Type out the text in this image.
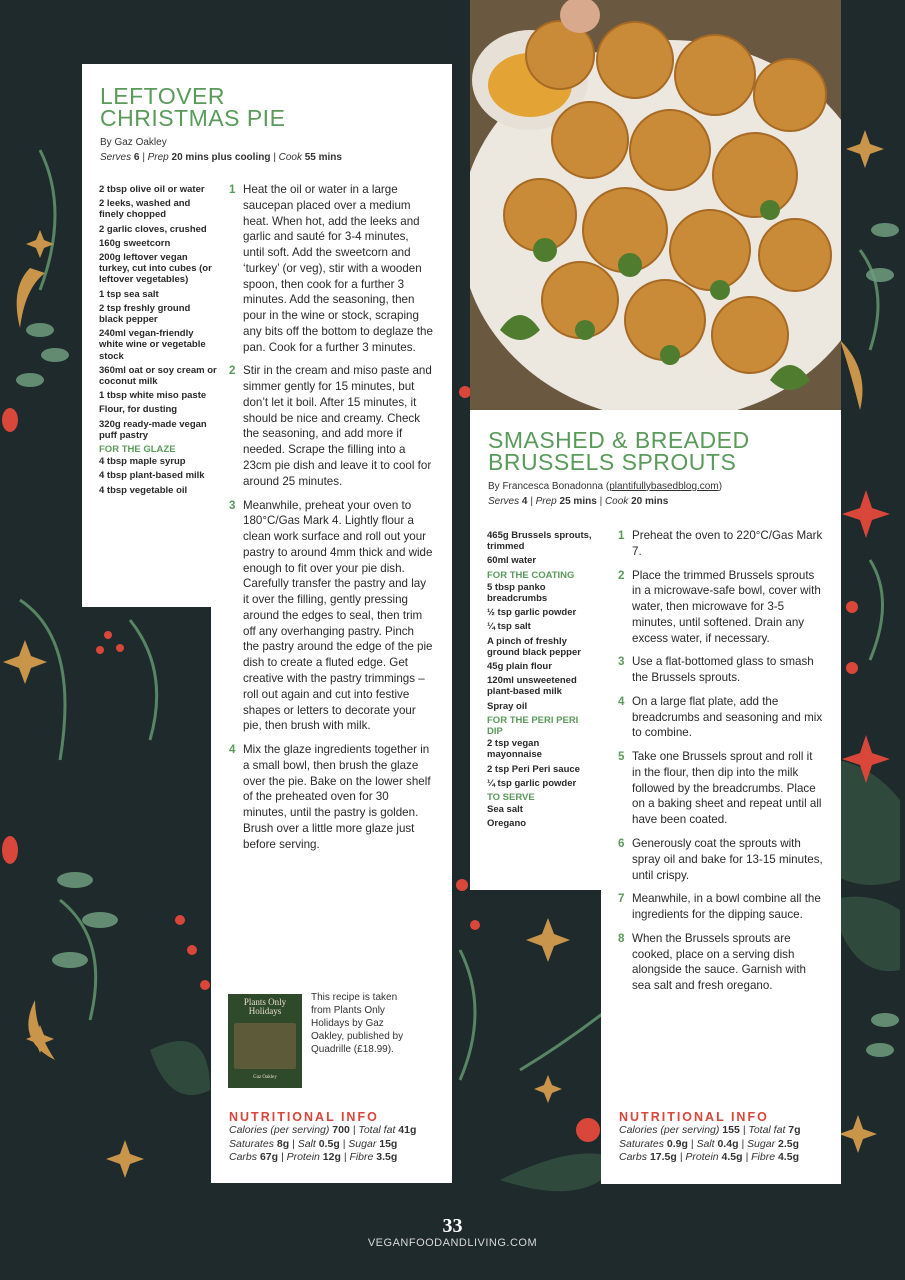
LEFTOVER
CHRISTMAS PIE
By Gaz Oakley
Serves 6 | Prep 20 mins plus cooling | Cook 55 mins
2 tbsp olive oil or water
2 leeks, washed and finely chopped
2 garlic cloves, crushed
160g sweetcorn
200g leftover vegan turkey, cut into cubes (or leftover vegetables)
1 tsp sea salt
2 tsp freshly ground black pepper
240ml vegan-friendly white wine or vegetable stock
360ml oat or soy cream or coconut milk
1 tbsp white miso paste
Flour, for dusting
320g ready-made vegan puff pastry
FOR THE GLAZE
4 tbsp maple syrup
4 tbsp plant-based milk
4 tbsp vegetable oil
1 Heat the oil or water in a large saucepan placed over a medium heat. When hot, add the leeks and garlic and sauté for 3-4 minutes, until soft. Add the sweetcorn and ‘turkey’ (or veg), stir with a wooden spoon, then cook for a further 3 minutes. Add the seasoning, then pour in the wine or stock, scraping any bits off the bottom to deglaze the pan. Cook for a further 3 minutes.
2 Stir in the cream and miso paste and simmer gently for 15 minutes, but don’t let it boil. After 15 minutes, it should be nice and creamy. Check the seasoning, and add more if needed. Scrape the filling into a 23cm pie dish and leave it to cool for around 25 minutes.
3 Meanwhile, preheat your oven to 180°C/Gas Mark 4. Lightly flour a clean work surface and roll out your pastry to around 4mm thick and wide enough to fit over your pie dish. Carefully transfer the pastry and lay it over the filling, gently pressing around the edges to seal, then trim off any overhanging pastry. Pinch the pastry around the edge of the pie dish to create a fluted edge. Get creative with the pastry trimmings – roll out again and cut into festive shapes or letters to decorate your pie, then brush with milk.
4 Mix the glaze ingredients together in a small bowl, then brush the glaze over the pie. Bake on the lower shelf of the preheated oven for 30 minutes, until the pastry is golden. Brush over a little more glaze just before serving.
Plants Only Holidays
Gaz Oakley
This recipe is taken from Plants Only Holidays by Gaz Oakley, published by Quadrille (£18.99).
NUTRITIONAL INFO
Calories (per serving) 700 | Total fat 41g
Saturates 8g | Salt 0.5g | Sugar 15g
Carbs 67g | Protein 12g | Fibre 3.5g
SMASHED & BREADED
BRUSSELS SPROUTS
By Francesca Bonadonna (plantifullybasedblog.com)
Serves 4 | Prep 25 mins | Cook 20 mins
465g Brussels sprouts, trimmed
60ml water
FOR THE COATING
5 tbsp panko breadcrumbs
½ tsp garlic powder
¼ tsp salt
A pinch of freshly ground black pepper
45g plain flour
120ml unsweetened plant-based milk
Spray oil
FOR THE PERI PERI DIP
2 tsp vegan mayonnaise
2 tsp Peri Peri sauce
¼ tsp garlic powder
TO SERVE
Sea salt
Oregano
1 Preheat the oven to 220°C/Gas Mark 7.
2 Place the trimmed Brussels sprouts in a microwave-safe bowl, cover with water, then microwave for 3-5 minutes, until softened. Drain any excess water, if necessary.
3 Use a flat-bottomed glass to smash the Brussels sprouts.
4 On a large flat plate, add the breadcrumbs and seasoning and mix to combine.
5 Take one Brussels sprout and roll it in the flour, then dip into the milk followed by the breadcrumbs. Place on a baking sheet and repeat until all have been coated.
6 Generously coat the sprouts with spray oil and bake for 13-15 minutes, until crispy.
7 Meanwhile, in a bowl combine all the ingredients for the dipping sauce.
8 When the Brussels sprouts are cooked, place on a serving dish alongside the sauce. Garnish with sea salt and fresh oregano.
NUTRITIONAL INFO
Calories (per serving) 155 | Total fat 7g
Saturates 0.9g | Salt 0.4g | Sugar 2.5g
Carbs 17.5g | Protein 4.5g | Fibre 4.5g
33
VEGANFOODANDLIVING.COM
